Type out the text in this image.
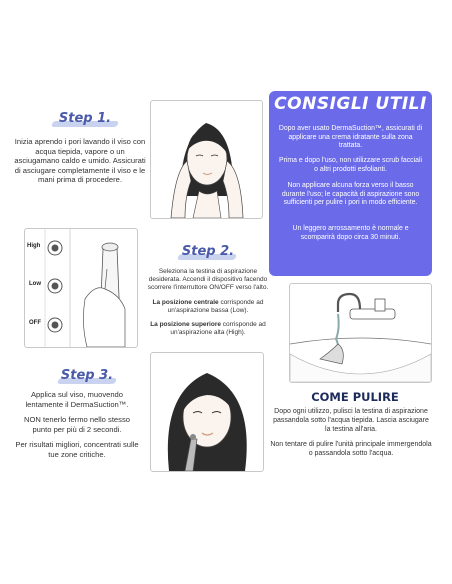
Step 1.

Inizia aprendo i pori lavando il viso con acqua tiepida, vapore o un asciugamano caldo e umido. Assicurati di asciugare completamente il viso e le mani prima di procedere.

CONSIGLI UTILI
Dopo aver usato DermaSuction™, assicurati di applicare una crema idratante sulla zona trattata.
Prima e dopo l'uso, non utilizzare scrub facciali o altri prodotti esfolianti.
Non applicare alcuna forza verso il basso durante l'uso; le capacità di aspirazione sono sufficienti per pulire i pori in modo efficiente.
Un leggero arrossamento è normale e scomparirà dopo circa 30 minuti.
High
Low
OFF
Step 2.

Seleziona la testina di aspirazione desiderata. Accendi il dispositivo facendo scorrere l'interruttore ON/OFF verso l'alto.

La posizione centrale corrisponde ad un'aspirazione bassa (Low).

La posizione superiore corrisponde ad un'aspirazione alta (High).

Step 3.

Applica sul viso, muovendo lentamente il DermaSuction™.

NON tenerlo fermo nello stesso punto per più di 2 secondi.

Per risultati migliori, concentrati sulle tue zone critiche.

COME PULIRE

Dopo ogni utilizzo, pulisci la testina di aspirazione passandola sotto l'acqua tiepida. Lascia asciugare la testina all'aria.

Non tentare di pulire l'unità principale immergendola o passandola sotto l'acqua.
